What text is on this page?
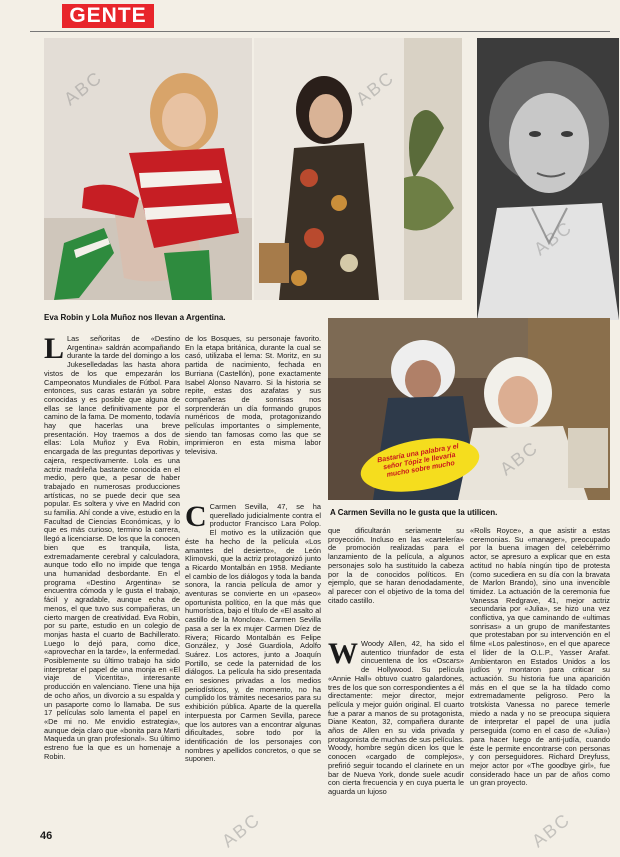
GENTE
ABC	ABC
ABC
Eva Robin y Lola Muñoz nos llevan a Argentina.
ABC
Bastaría una palabra y el señor Tópiz le llevaría mucho sobre mucho
A Carmen Sevilla no le gusta que la utilicen.

L Las señoritas de «Destino Argentina» saldrán acompañando durante la tarde del domingo a los Jukeselledadas las hasta ahora vistos de los que empezarán los Campeonatos Mundiales de Fútbol. Para entonces, sus caras estarán ya sobre conocidas y es posible que alguna de ellas se lance definitivamente por el camino de la fama. De momento, todavía hay que hacerlas una breve presentación. Hoy traemos a dos de ellas: Lola Muñoz y Eva Robin, encargada de las preguntas deportivas y cajera, respectivamente. Lola es una actriz madrileña bastante conocida en el medio, pero que, a pesar de haber trabajado en numerosas producciones artísticas, no se puede decir que sea popular. Es soltera y vive en Madrid con su familia. Ahí conde a vive, estudio en la Facultad de Ciencias Económicas, y lo que es más curioso, termino la carrera, llegó a licenciarse. De los que la conocen bien que es tranquila, lista, extremadamente cerebral y calculadora, aunque todo ello no impide que tenga una humanidad desbordante. En el programa «Destino Argentina» se encuentra cómoda y le gusta el trabajo, fácil y agradable, aunque echa de menos, el que tuvo sus compañeras, un cierto margen de creatividad. Eva Robin, por su parte, estudio en un colegio de monjas hasta el cuarto de Bachillerato. Luego lo dejó para, como dice, «aprovechar en la tarde», la enfermedad. Posiblemente su último trabajo ha sido interpretar el papel de una monja en «El viaje de Vicentita», interesante producción en valenciano. Tiene una hija de ocho años, un divorcio a su espalda y un pasaporte como lo llamaba. De sus 17 películas solo lamenta el papel en «De mi no. Me envidio estrategia», aunque deja claro que «bonita para Marti Maqueda un gran profesional». Su último estreno fue la que es un homenaje a Robin.

de los Bosques, su personaje favorito. En la etapa británica, durante la cual se casó, utilizaba el lema: St. Moritz, en su partida de nacimiento, fechada en Burriana (Castellón), pone exactamente Isabel Alonso Navarro. Si la historia se repite, estas dos azafatas y sus compañeras de sonrisas nos sorprenderán un día formando grupos numéricos de moda, protagonizando películas importantes o simplemente, siendo tan famosas como las que se imprimieron en esta misma labor televisiva.

C Carmen Sevilla, 47, se ha querellado judicialmente contra el productor Francisco Lara Polop. El motivo es la utilización que éste ha hecho de la película «Los amantes del desierto», de León Klimovski, que la actriz protagonizó junto a Ricardo Montalbán en 1958. Mediante el cambio de los diálogos y toda la banda sonora, la rancia película de amor y aventuras se convierte en un «paseo» oportunista político, en la que más que humorística, bajo el título de «El asalto al castillo de la Moncloa». Carmen Sevilla pasa a ser la ex mujer Carmen Díez de Rivera; Ricardo Montalbán es Felipe González, y José Guardiola, Adolfo Suárez. Los actores, junto a Joaquín Portillo, se cede la paternidad de los diálogos. La película ha sido presentada en sesiones privadas a los medios periodísticos, y, de momento, no ha cumplido los trámites necesarios para su exhibición pública. Aparte de la querella interpuesta por Carmen Sevilla, parece que los autores van a encontrar algunas dificultades, sobre todo por la identificación de los personajes con nombres y apellidos concretos, o que se suponen.

que dificultarán seriamente su proyección. Incluso en las «cartelería» de promoción realizadas para el lanzamiento de la película, a algunos personajes solo ha sustituido la cabeza por la de conocidos políticos. En ejemplo, que se haran denodadamente, al parecer con el objetivo de la toma del citado castillo.

W Woody Allen, 42, ha sido el autentico triunfador de esta cincuentena de los «Oscars» de Hollywood. Su película «Annie Hall» obtuvo cuatro galardones, tres de los que son correspondientes a él directamente: mejor director, mejor película y mejor guión original. El cuarto fue a parar a manos de su protagonista, Diane Keaton, 32, compañera durante años de Allen en su vida privada y protagonista de muchas de sus películas. Woody, hombre según dicen los que le conocen «cargado de complejos», prefirió seguir tocando el clarinete en un bar de Nueva York, donde suele acudir con cierta frecuencia y en cuya puerta le aguarda un lujoso

«Rolls Royce», a que asistir a estas ceremonias. Su «manager», preocupado por la buena imagen del celebérrimo actor, se apresuro a explicar que en esta actitud no había ningún tipo de protesta (como sucediera en su día con la bravata de Marlon Brando), sino una invencible timidez. La actuación de la ceremonia fue Vanessa Redgrave, 41, mejor actriz secundaria por «Julia», se hizo una vez conflictiva, ya que caminando de «ultimas sonrisas» a un grupo de manifestantes que protestaban por su intervención en el filme «Los palestinos», en el que aparece el líder de la O.L.P., Yasser Arafat. Ambientaron en Estados Unidos a los judíos y montaron para criticar su actuación. Su historia fue una aparición más en el que se la ha tildado como extremadamente peligroso. Pero la trotskista Vanessa no parece temerle miedo a nada y no se preocupa siquiera de interpretar el papel de una judía perseguida (como en el caso de «Julia») para hacer luego de anti-judía, cuando éste le permite encontrarse con personas y con perseguidores. Richard Dreyfuss, mejor actor por «The goodbye girl», fue considerado hace un par de años como un gran proyecto.

ABC	ABC
46
